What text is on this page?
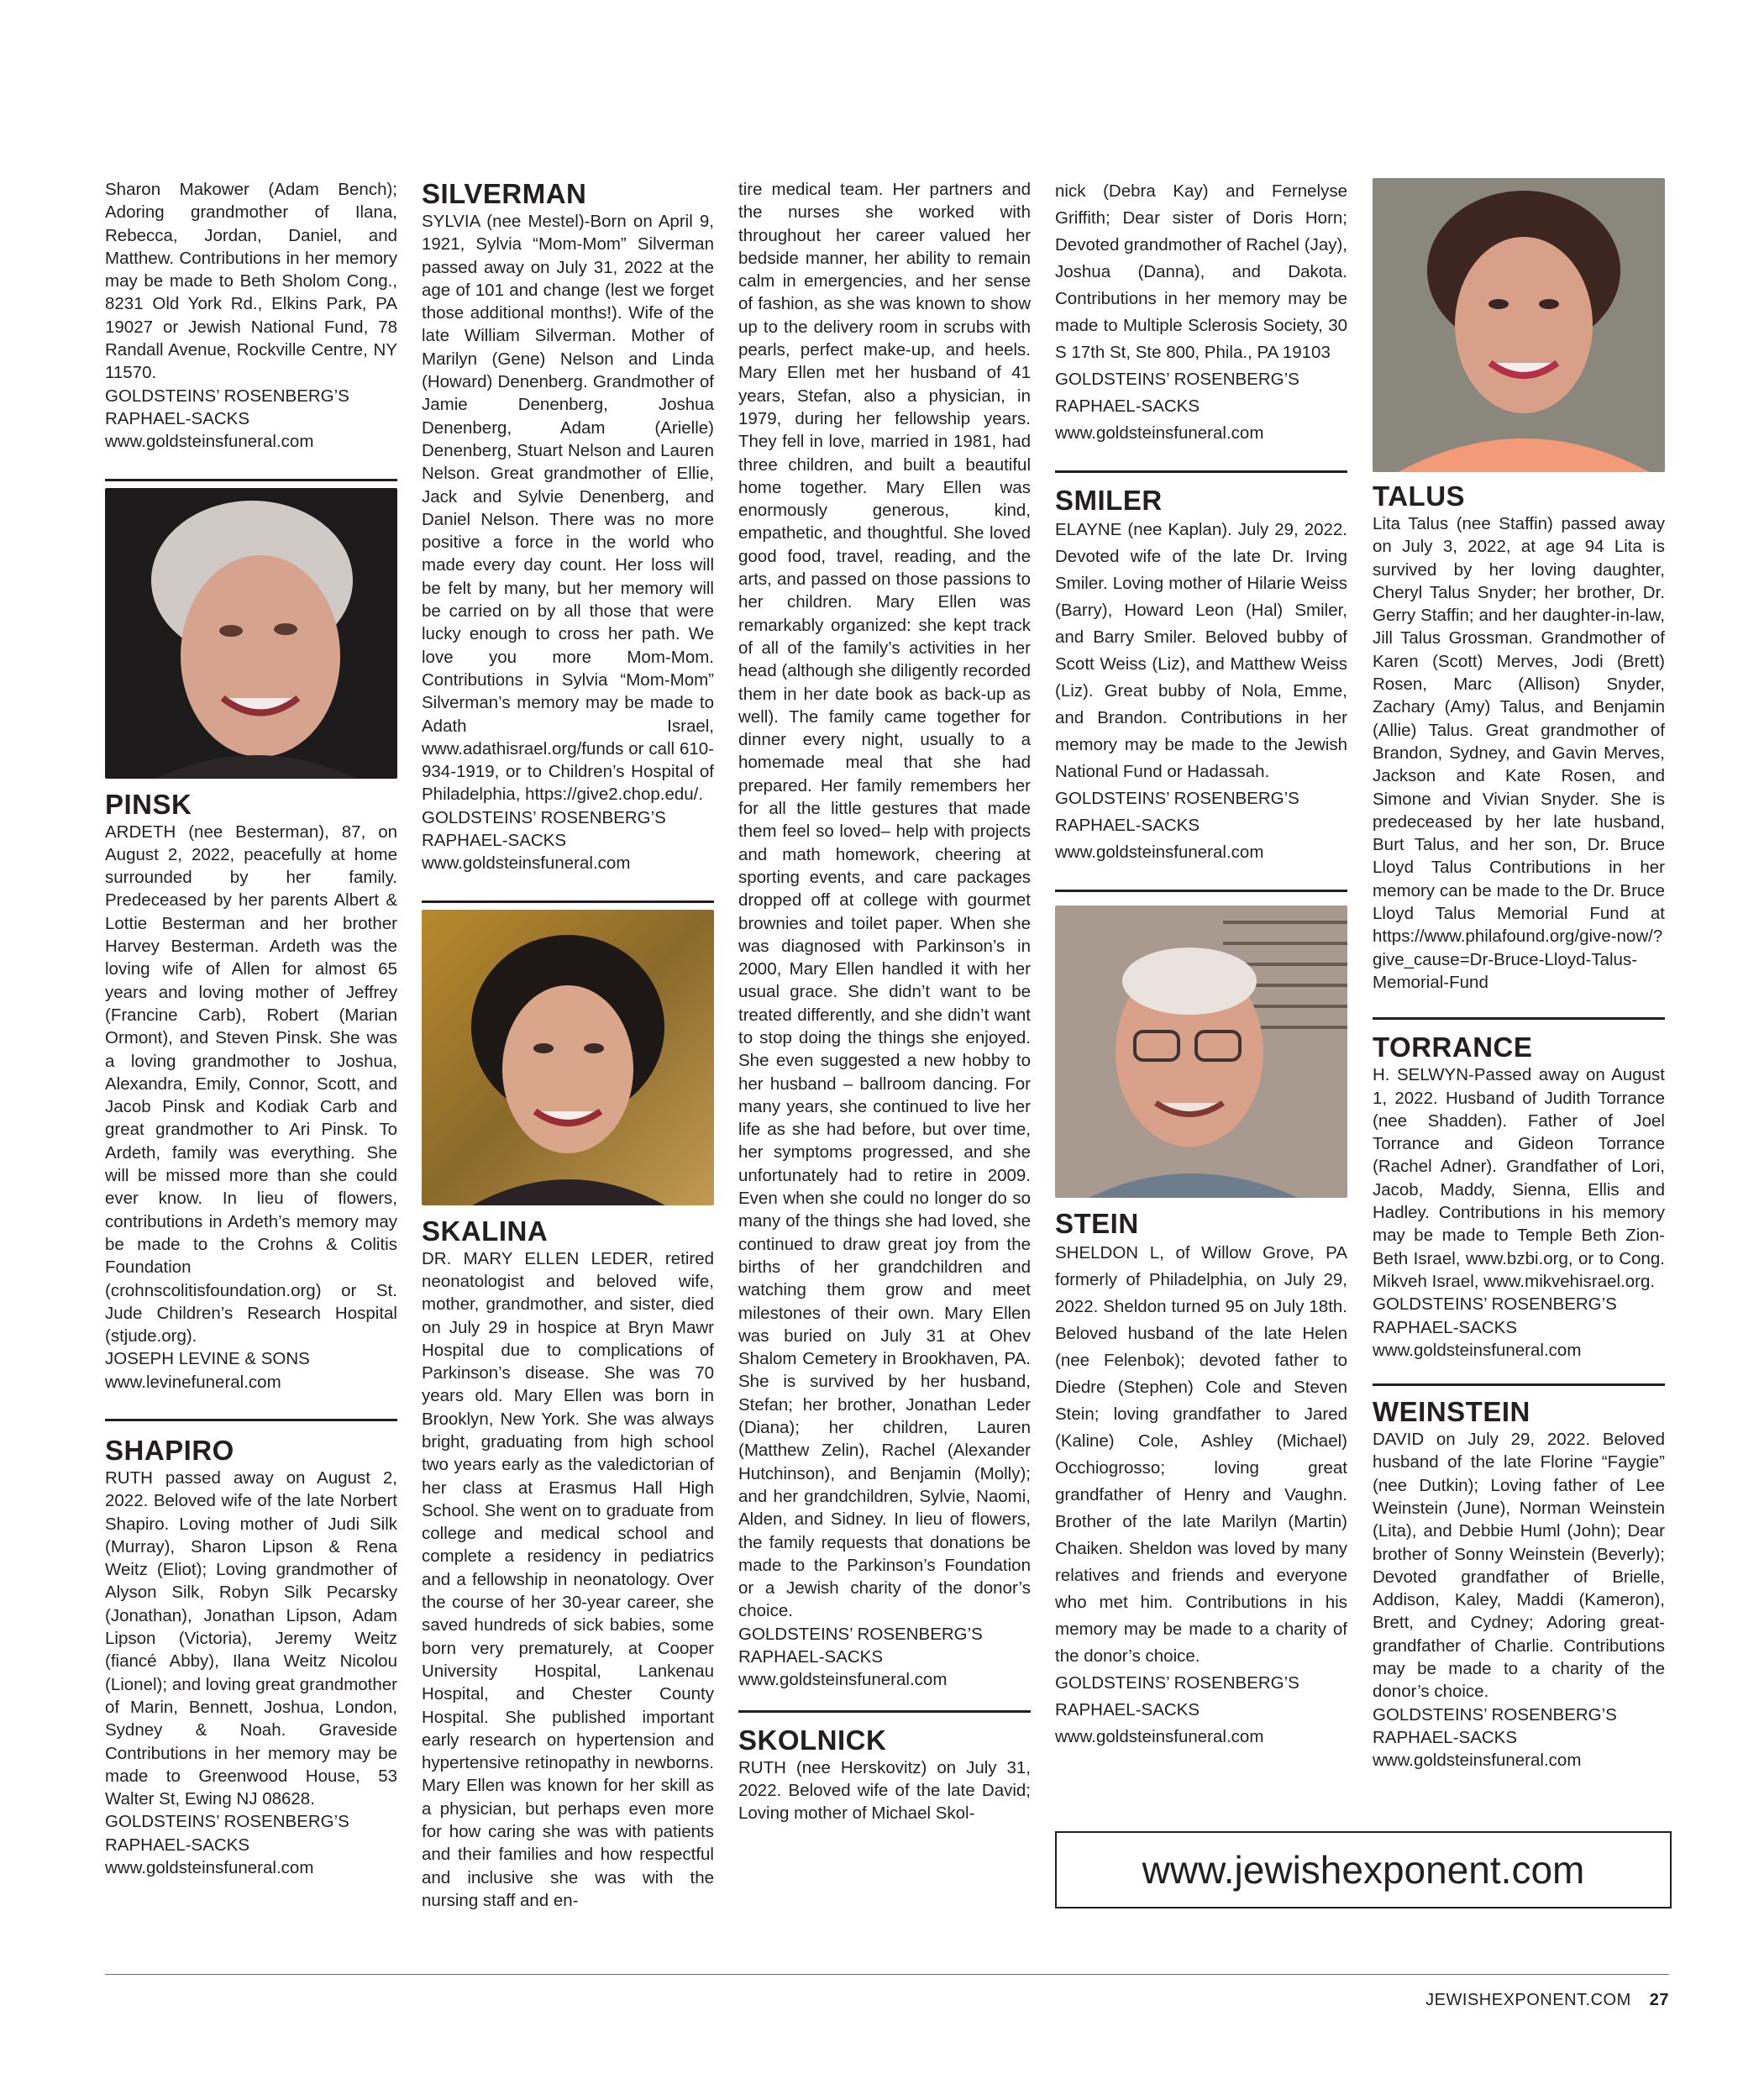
Sharon Makower (Adam Bench); Adoring grandmother of Ilana, Rebecca, Jordan, Daniel, and Matthew. Contributions in her memory may be made to Beth Sholom Cong., 8231 Old York Rd., Elkins Park, PA 19027 or Jewish National Fund, 78 Randall Avenue, Rockville Centre, NY 11570.

GOLDSTEINS’ ROSENBERG’S

RAPHAEL-SACKS

www.goldsteinsfuneral.com

PINSK

ARDETH (nee Besterman), 87, on August 2, 2022, peacefully at home surrounded by her family. Predeceased by her parents Albert & Lottie Besterman and her brother Harvey Besterman. Ardeth was the loving wife of Allen for almost 65 years and loving mother of Jeffrey (Francine Carb), Robert (Marian Ormont), and Steven Pinsk. She was a loving grandmother to Joshua, Alexandra, Emily, Connor, Scott, and Jacob Pinsk and Kodiak Carb and great grandmother to Ari Pinsk. To Ardeth, family was everything. She will be missed more than she could ever know. In lieu of flowers, contributions in Ardeth’s memory may be made to the Crohns & Colitis Foundation (crohnscolitisfoundation.org) or St. Jude Children’s Research Hospital (stjude.org).

JOSEPH LEVINE & SONS

www.levinefuneral.com

SHAPIRO

RUTH passed away on August 2, 2022. Beloved wife of the late Norbert Shapiro. Loving mother of Judi Silk (Murray), Sharon Lipson & Rena Weitz (Eliot); Loving grandmother of Alyson Silk, Robyn Silk Pecarsky (Jonathan), Jonathan Lipson, Adam Lipson (Victoria), Jeremy Weitz (fiancé Abby), Ilana Weitz Nicolou (Lionel); and loving great grandmother of Marin, Bennett, Joshua, London, Sydney & Noah. Graveside Contributions in her memory may be made to Greenwood House, 53 Walter St, Ewing NJ 08628.

GOLDSTEINS’ ROSENBERG’S

RAPHAEL-SACKS

www.goldsteinsfuneral.com

SILVERMAN

SYLVIA (nee Mestel)-Born on April 9, 1921, Sylvia “Mom-Mom” Silverman passed away on July 31, 2022 at the age of 101 and change (lest we forget those additional months!). Wife of the late William Silverman. Mother of Marilyn (Gene) Nelson and Linda (Howard) Denenberg. Grandmother of Jamie Denenberg, Joshua Denenberg, Adam (Arielle) Denenberg, Stuart Nelson and Lauren Nelson. Great grandmother of Ellie, Jack and Sylvie Denenberg, and Daniel Nelson. There was no more positive a force in the world who made every day count. Her loss will be felt by many, but her memory will be carried on by all those that were lucky enough to cross her path. We love you more Mom-Mom. Contributions in Sylvia “Mom-Mom” Silverman’s memory may be made to Adath Israel, www.adathisrael.org/funds or call 610-934-1919, or to Children’s Hospital of Philadelphia, https://give2.chop.edu/.

GOLDSTEINS’ ROSENBERG’S

RAPHAEL-SACKS

www.goldsteinsfuneral.com

SKALINA

DR. MARY ELLEN LEDER, retired neonatologist and beloved wife, mother, grandmother, and sister, died on July 29 in hospice at Bryn Mawr Hospital due to complications of Parkinson’s disease. She was 70 years old. Mary Ellen was born in Brooklyn, New York. She was always bright, graduating from high school two years early as the valedictorian of her class at Erasmus Hall High School. She went on to graduate from college and medical school and complete a residency in pediatrics and a fellowship in neonatology. Over the course of her 30-year career, she saved hundreds of sick babies, some born very prematurely, at Cooper University Hospital, Lankenau Hospital, and Chester County Hospital. She published important early research on hypertension and hypertensive retinopathy in newborns. Mary Ellen was known for her skill as a physician, but perhaps even more for how caring she was with patients and their families and how respectful and inclusive she was with the nursing staff and en-

tire medical team. Her partners and the nurses she worked with throughout her career valued her bedside manner, her ability to remain calm in emergencies, and her sense of fashion, as she was known to show up to the delivery room in scrubs with pearls, perfect make-up, and heels. Mary Ellen met her husband of 41 years, Stefan, also a physician, in 1979, during her fellowship years. They fell in love, married in 1981, had three children, and built a beautiful home together. Mary Ellen was enormously generous, kind, empathetic, and thoughtful. She loved good food, travel, reading, and the arts, and passed on those passions to her children. Mary Ellen was remarkably organized: she kept track of all of the family’s activities in her head (although she diligently recorded them in her date book as back-up as well). The family came together for dinner every night, usually to a homemade meal that she had prepared. Her family remembers her for all the little gestures that made them feel so loved– help with projects and math homework, cheering at sporting events, and care packages dropped off at college with gourmet brownies and toilet paper. When she was diagnosed with Parkinson’s in 2000, Mary Ellen handled it with her usual grace. She didn’t want to be treated differently, and she didn’t want to stop doing the things she enjoyed. She even suggested a new hobby to her husband – ballroom dancing. For many years, she continued to live her life as she had before, but over time, her symptoms progressed, and she unfortunately had to retire in 2009. Even when she could no longer do so many of the things she had loved, she continued to draw great joy from the births of her grandchildren and watching them grow and meet milestones of their own. Mary Ellen was buried on July 31 at Ohev Shalom Cemetery in Brookhaven, PA. She is survived by her husband, Stefan; her brother, Jonathan Leder (Diana); her children, Lauren (Matthew Zelin), Rachel (Alexander Hutchinson), and Benjamin (Molly); and her grandchildren, Sylvie, Naomi, Alden, and Sidney. In lieu of flowers, the family requests that donations be made to the Parkinson’s Foundation or a Jewish charity of the donor’s choice.

GOLDSTEINS’ ROSENBERG’S

RAPHAEL-SACKS

www.goldsteinsfuneral.com

SKOLNICK

RUTH (nee Herskovitz) on July 31, 2022. Beloved wife of the late David; Loving mother of Michael Skol-

nick (Debra Kay) and Fernelyse Griffith; Dear sister of Doris Horn; Devoted grandmother of Rachel (Jay), Joshua (Danna), and Dakota. Contributions in her memory may be made to Multiple Sclerosis Society, 30 S 17th St, Ste 800, Phila., PA 19103

GOLDSTEINS’ ROSENBERG’S

RAPHAEL-SACKS

www.goldsteinsfuneral.com

SMILER

ELAYNE (nee Kaplan). July 29, 2022. Devoted wife of the late Dr. Irving Smiler. Loving mother of Hilarie Weiss (Barry), Howard Leon (Hal) Smiler, and Barry Smiler. Beloved bubby of Scott Weiss (Liz), and Matthew Weiss (Liz). Great bubby of Nola, Emme, and Brandon. Contributions in her memory may be made to the Jewish National Fund or Hadassah.

GOLDSTEINS’ ROSENBERG’S

RAPHAEL-SACKS

www.goldsteinsfuneral.com

STEIN

SHELDON L, of Willow Grove, PA formerly of Philadelphia, on July 29, 2022. Sheldon turned 95 on July 18th. Beloved husband of the late Helen (nee Felenbok); devoted father to Diedre (Stephen) Cole and Steven Stein; loving grandfather to Jared (Kaline) Cole, Ashley (Michael) Occhiogrosso; loving great grandfather of Henry and Vaughn. Brother of the late Marilyn (Martin) Chaiken. Sheldon was loved by many relatives and friends and everyone who met him. Contributions in his memory may be made to a charity of the donor’s choice.

GOLDSTEINS’ ROSENBERG’S

RAPHAEL-SACKS

www.goldsteinsfuneral.com

TALUS

Lita Talus (nee Staffin) passed away on July 3, 2022, at age 94 Lita is survived by her loving daughter, Cheryl Talus Snyder; her brother, Dr. Gerry Staffin; and her daughter-in-law, Jill Talus Grossman. Grandmother of Karen (Scott) Merves, Jodi (Brett) Rosen, Marc (Allison) Snyder, Zachary (Amy) Talus, and Benjamin (Allie) Talus. Great grandmother of Brandon, Sydney, and Gavin Merves, Jackson and Kate Rosen, and Simone and Vivian Snyder. She is predeceased by her late husband, Burt Talus, and her son, Dr. Bruce Lloyd Talus Contributions in her memory can be made to the Dr. Bruce Lloyd Talus Memorial Fund at https://www.philafound.org/give-now/?give_cause=Dr-Bruce-Lloyd-Talus-Memorial-Fund

TORRANCE

H. SELWYN-Passed away on August 1, 2022. Husband of Judith Torrance (nee Shadden). Father of Joel Torrance and Gideon Torrance (Rachel Adner). Grandfather of Lori, Jacob, Maddy, Sienna, Ellis and Hadley. Contributions in his memory may be made to Temple Beth Zion-Beth Israel, www.bzbi.org, or to Cong. Mikveh Israel, www.mikvehisrael.org.

GOLDSTEINS’ ROSENBERG’S

RAPHAEL-SACKS

www.goldsteinsfuneral.com

WEINSTEIN

DAVID on July 29, 2022. Beloved husband of the late Florine “Faygie” (nee Dutkin); Loving father of Lee Weinstein (June), Norman Weinstein (Lita), and Debbie Huml (John); Dear brother of Sonny Weinstein (Beverly); Devoted grandfather of Brielle, Addison, Kaley, Maddi (Kameron), Brett, and Cydney; Adoring great-grandfather of Charlie. Contributions may be made to a charity of the donor’s choice.

GOLDSTEINS’ ROSENBERG’S

RAPHAEL-SACKS

www.goldsteinsfuneral.com

www.jewishexponent.com
JEWISHEXPONENT.COM 27
